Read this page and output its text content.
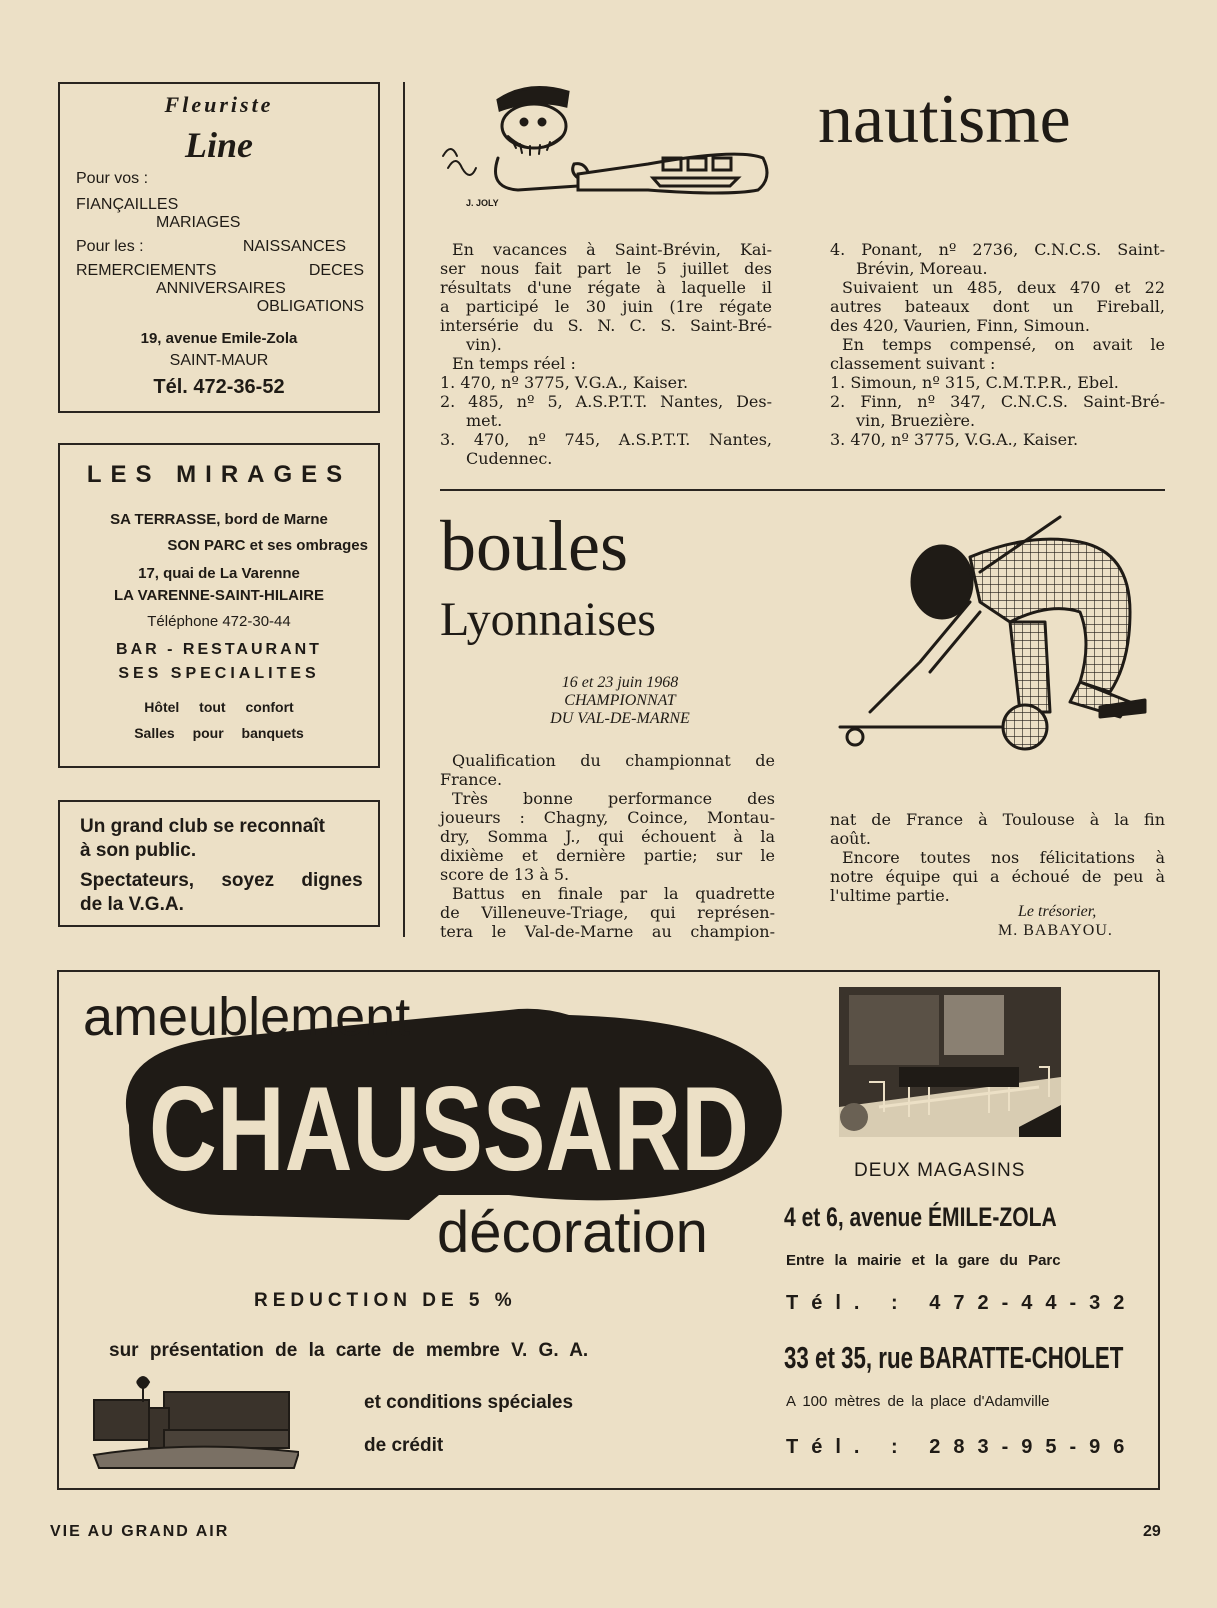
Fleuriste
Line
Pour vos :
FIANÇAILLES
MARIAGES
Pour les :	NAISSANCES
REMERCIEMENTS	DECES
ANNIVERSAIRES
OBLIGATIONS
19, avenue Emile-Zola
SAINT-MAUR
Tél. 472-36-52
LES MIRAGES
SA TERRASSE, bord de Marne
SON PARC et ses ombrages
17, quai de La Varenne
LA VARENNE-SAINT-HILAIRE
Téléphone 472-30-44
BAR - RESTAURANT
SES SPECIALITES
Hôtel tout confort
Salles pour banquets
Un grand club se reconnaît
à son public.
Spectateurs, soyez dignes
de la V.G.A.
J. JOLY
nautisme
En vacances à Saint-Brévin, Kai-
ser nous fait part le 5 juillet des
résultats d'une régate à laquelle il
a participé le 30 juin (1re régate
intersérie du S. N. C. S. Saint-Bré-
vin).
En temps réel :
1. 470, nº 3775, V.G.A., Kaiser.
2. 485, nº 5, A.S.P.T.T. Nantes, Des-
met.
3. 470, nº 745, A.S.P.T.T. Nantes,
Cudennec.
4. Ponant, nº 2736, C.N.C.S. Saint-
Brévin, Moreau.
Suivaient un 485, deux 470 et 22
autres bateaux dont un Fireball,
des 420, Vaurien, Finn, Simoun.
En temps compensé, on avait le
classement suivant :
1. Simoun, nº 315, C.M.T.P.R., Ebel.
2. Finn, nº 347, C.N.C.S. Saint-Bré-
vin, Bruezière.
3. 470, nº 3775, V.G.A., Kaiser.
boules
Lyonnaises
16 et 23 juin 1968
CHAMPIONNAT
DU VAL-DE-MARNE
Qualification du championnat de
France.
Très bonne performance des
joueurs : Chagny, Coince, Montau-
dry, Somma J., qui échouent à la
dixième et dernière partie; sur le
score de 13 à 5.
Battus en finale par la quadrette
de Villeneuve-Triage, qui représen-
tera le Val-de-Marne au champion-
nat de France à Toulouse à la fin
août.
Encore toutes nos félicitations à
notre équipe qui a échoué de peu à
l'ultime partie.
Le trésorier,
M. BABAYOU.
ameublement
CHAUSSARD
décoration
REDUCTION DE 5 %
sur présentation de la carte de membre V. G. A.
et conditions spéciales
de crédit
DEUX MAGASINS
4 et 6, avenue ÉMILE-ZOLA
Entre la mairie et la gare du Parc
Tél. : 472-44-32
33 et 35, rue BARATTE-CHOLET
A 100 mètres de la place d'Adamville
Tél. : 283-95-96
VIE AU GRAND AIR	29
